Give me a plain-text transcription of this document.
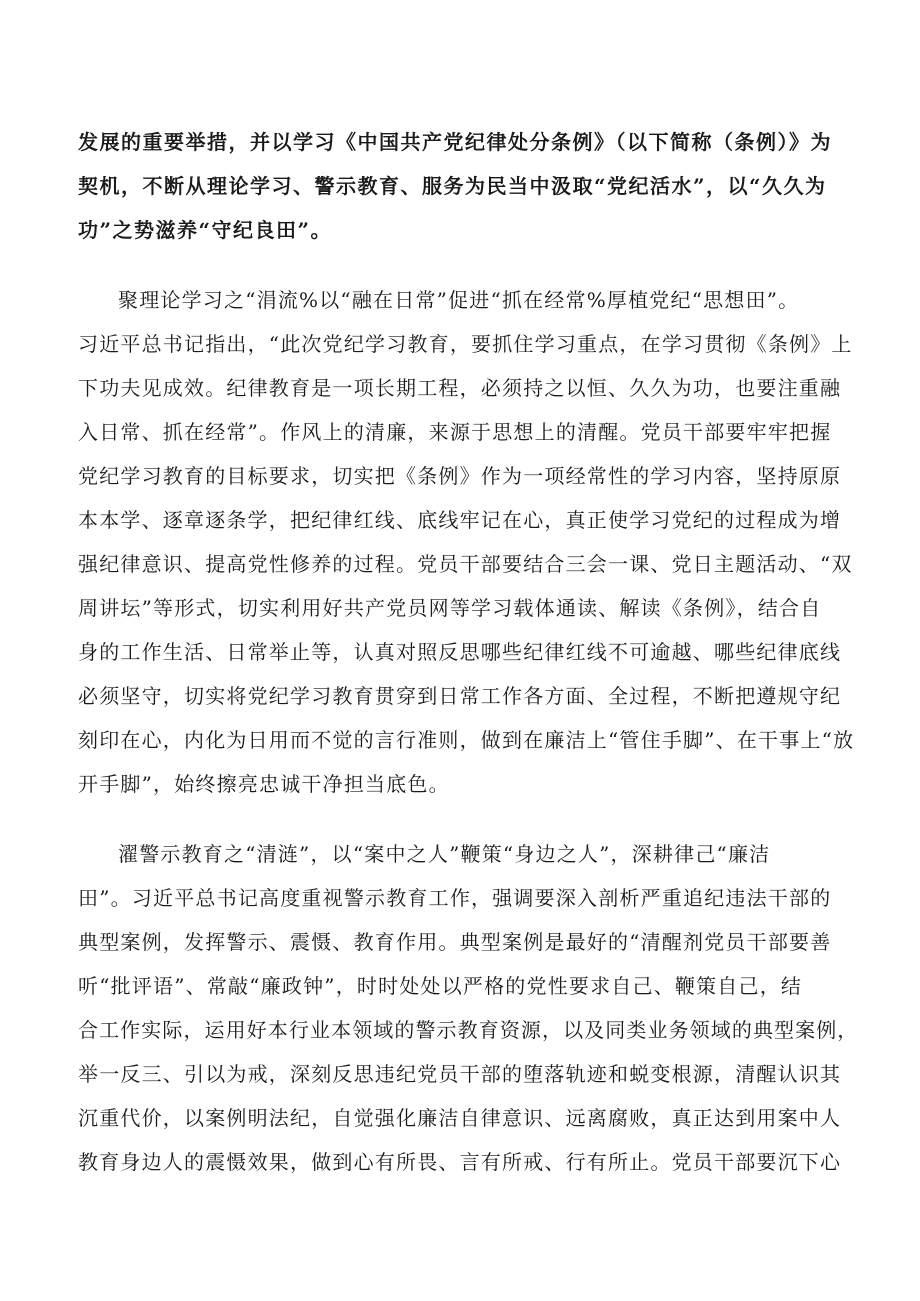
发展的重要举措，并以学习《中国共产党纪律处分条例》（以下简称（条例）》为
契机，不断从理论学习、警示教育、服务为民当中汲取“党纪活水”，以“久久为
功”之势滋养“守纪良田”。
聚理论学习之“涓流%以“融在日常”促进“抓在经常%厚植党纪“思想田”。
习近平总书记指出，“此次党纪学习教育，要抓住学习重点，在学习贯彻《条例》上
下功夫见成效。纪律教育是一项长期工程，必须持之以恒、久久为功，也要注重融
入日常、抓在经常”。作风上的清廉，来源于思想上的清醒。党员干部要牢牢把握
党纪学习教育的目标要求，切实把《条例》作为一项经常性的学习内容，坚持原原
本本学、逐章逐条学，把纪律红线、底线牢记在心，真正使学习党纪的过程成为增
强纪律意识、提高党性修养的过程。党员干部要结合三会一课、党日主题活动、“双
周讲坛”等形式，切实利用好共产党员网等学习载体通读、解读《条例》，结合自
身的工作生活、日常举止等，认真对照反思哪些纪律红线不可逾越、哪些纪律底线
必须坚守，切实将党纪学习教育贯穿到日常工作各方面、全过程，不断把遵规守纪
刻印在心，内化为日用而不觉的言行准则，做到在廉洁上“管住手脚”、在干事上“放
开手脚”，始终擦亮忠诚干净担当底色。
濯警示教育之“清涟”，以“案中之人”鞭策“身边之人”，深耕律己“廉洁
田”。习近平总书记高度重视警示教育工作，强调要深入剖析严重追纪违法干部的
典型案例，发挥警示、震慑、教育作用。典型案例是最好的“清醒剂党员干部要善
听“批评语”、常敲“廉政钟”，时时处处以严格的党性要求自己、鞭策自己，结
合工作实际，运用好本行业本领域的警示教育资源，以及同类业务领域的典型案例，
举一反三、引以为戒，深刻反思违纪党员干部的堕落轨迹和蜕变根源，清醒认识其
沉重代价，以案例明法纪，自觉强化廉洁自律意识、远离腐败，真正达到用案中人
教育身边人的震慑效果，做到心有所畏、言有所戒、行有所止。党员干部要沉下心
